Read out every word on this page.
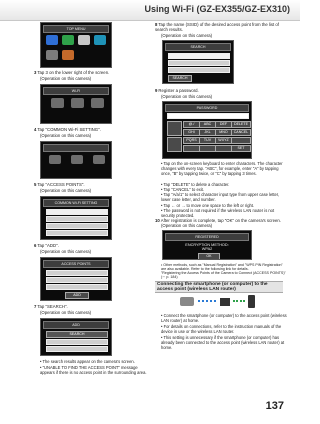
Using Wi-Fi (GZ-EX355/GZ-EX310)
TOP MENU
3Tap 3 on the lower right of the screen.
(Operation on this camera)
Wi-Fi
4Tap "COMMON Wi-Fi SETTING".
(Operation on this camera)
5Tap "ACCESS POINTS".
(Operation on this camera)
COMMON Wi-Fi SETTING
6Tap "ADD".
(Operation on this camera)
ACCESS POINTS
ADD
7Tap "SEARCH".
(Operation on this camera)
ADD
SEARCH
• The search results appear on the camera's screen.
• "UNABLE TO FIND THE ACCESS POINT" message appears if there is no access point in the surrounding area.
8Tap the name (SSID) of the desired access point from the list of search results.
(Operation on this camera)
SEARCH
SEARCH
9Register a password.
(Operation on this camera)
PASSWORD
@./	ABC	DEF	DELETE
GHI	JKL	MNO	CANCEL
PQRS	TUV	WXYZ
SET
• Tap on the on-screen keyboard to enter characters. The character changes with every tap. "ABC", for example, enter "A" by tapping once, "B" by tapping twice, or "C" by tapping 3 times.
• Tap "DELETE" to delete a character.
• Tap "CANCEL" to exit.
• Tap "A/a/1" to select character input type from upper case letter, lower case letter, and number.
• Tap ← or → to move one space to the left or right.
• The password is not required if the wireless LAN router is not security protected.
10After registration is complete, tap "OK" on the camera's screen.
(Operation on this camera)
REGISTERED
ENCRYPTION METHOD:
WPA2
OK
• Other methods, such as "Manual Registration" and "WPS PIN Registration" are also available. Refer to the following link for details.
"Registering the Access Points of the Camera to Connect (ACCESS POINTS)" (☞ p. 184)
Connecting the smartphone (or computer) to the access point (wireless LAN router)
• Connect the smartphone (or computer) to the access point (wireless LAN router) at home.
• For details on connections, refer to the instruction manuals of the device in use or the wireless LAN router.
• This setting is unnecessary if the smartphone (or computer) has already been connected to the access point (wireless LAN router) at home.
137
